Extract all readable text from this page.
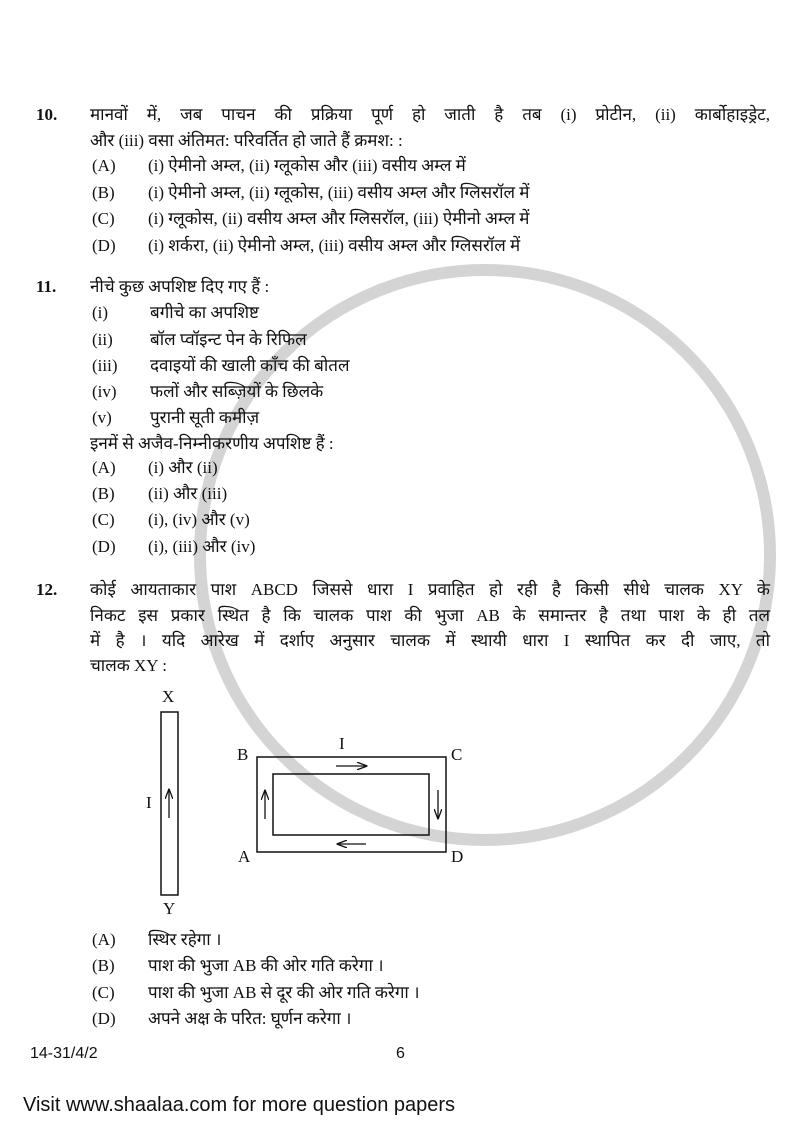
10. मानवों में, जब पाचन की प्रक्रिया पूर्ण हो जाती है तब (i) प्रोटीन, (ii) कार्बोहाइड्रेट,
और (iii) वसा अंतिमत: परिवर्तित हो जाते हैं क्रमश: :
(A) (i) ऐमीनो अम्ल, (ii) ग्लूकोस और (iii) वसीय अम्ल में
(B) (i) ऐमीनो अम्ल, (ii) ग्लूकोस, (iii) वसीय अम्ल और ग्लिसरॉल में
(C) (i) ग्लूकोस, (ii) वसीय अम्ल और ग्लिसरॉल, (iii) ऐमीनो अम्ल में
(D) (i) शर्करा, (ii) ऐमीनो अम्ल, (iii) वसीय अम्ल और ग्लिसरॉल में
11. नीचे कुछ अपशिष्ट दिए गए हैं :
(i) बगीचे का अपशिष्ट
(ii) बॉल प्वॉइन्ट पेन के रिफिल
(iii) दवाइयों की खाली काँच की बोतल
(iv) फलों और सब्ज़ियों के छिलके
(v) पुरानी सूती कमीज़
इनमें से अजैव-निम्नीकरणीय अपशिष्ट हैं :
(A) (i) और (ii)
(B) (ii) और (iii)
(C) (i), (iv) और (v)
(D) (i), (iii) और (iv)
12. कोई आयताकार पाश ABCD जिससे धारा I प्रवाहित हो रही है किसी सीधे चालक XY के
निकट इस प्रकार स्थित है कि चालक पाश की भुजा AB के समान्तर है तथा पाश के ही तल
में है । यदि आरेख में दर्शाए अनुसार चालक में स्थायी धारा I स्थापित कर दी जाए, तो
चालक XY :
X
Y
I
I
B	C
A	D
(A) स्थिर रहेगा ।
(B) पाश की भुजा AB की ओर गति करेगा ।
(C) पाश की भुजा AB से दूर की ओर गति करेगा ।
(D) अपने अक्ष के परित: घूर्णन करेगा ।
14-31/4/2	6
Visit www.shaalaa.com for more question papers
